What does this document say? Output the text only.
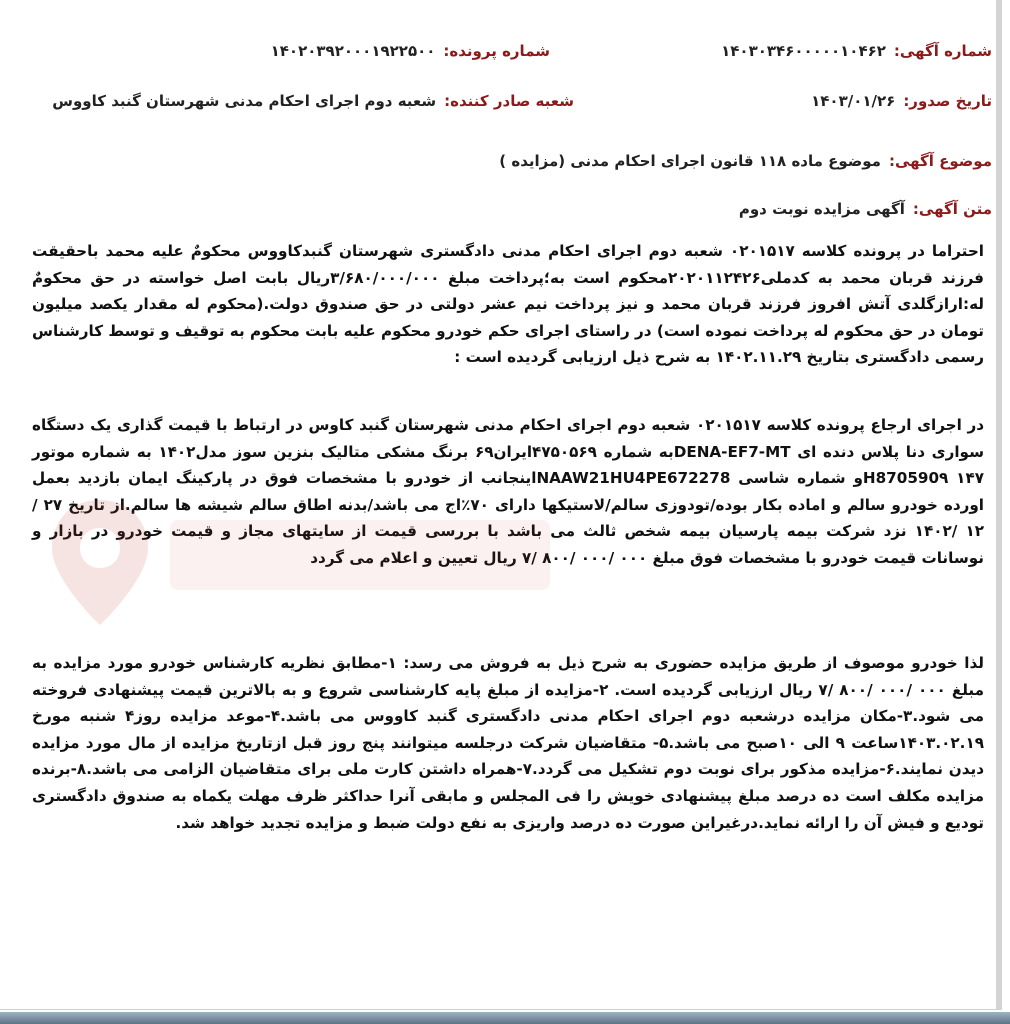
شماره آگهی:۱۴۰۳۰۳۴۶۰۰۰۰۰۱۰۴۶۲
شماره پرونده:۱۴۰۲۰۳۹۲۰۰۰۱۹۲۲۵۰۰
تاریخ صدور:۱۴۰۳/۰۱/۲۶
شعبه صادر کننده:شعبه دوم اجرای احکام مدنی شهرستان گنبد کاووس
موضوع آگهی:موضوع ماده ۱۱۸ قانون اجرای احکام مدنی (مزایده )
متن آگهی:آگهی مزایده نوبت دوم
احتراما در پرونده کلاسه ۰۲۰۱۵۱۷ شعبه دوم اجرای احکام مدنی دادگستری شهرستان گنبدکاووس محکومٌ علیه محمد باحقیقت فرزند قربان محمد به کدملی۲۰۲۰۱۱۲۴۲۶محکوم است به؛پرداخت مبلغ ۳/۶۸۰/۰۰۰/۰۰۰ریال بابت اصل خواسته در حق محکومٌ له:ارازگلدی آتش افروز فرزند قربان محمد و نیز پرداخت نیم عشر دولتی در حق صندوق دولت.(محکوم له مقدار یکصد میلیون تومان در حق محکوم له پرداخت نموده است) در راستای اجرای حکم خودرو محکوم علیه بابت محکوم به توقیف و توسط کارشناس رسمی دادگستری بتاریخ ۱۴۰۲.۱۱.۲۹ به شرح ذیل ارزیابی گردیده است :
در اجرای ارجاع پرونده کلاسه ۰۲۰۱۵۱۷ شعبه دوم اجرای احکام مدنی شهرستان گنبد کاوس در ارتباط با قیمت گذاری یک دستگاه سواری دنا پلاس دنده ای DENA-EF7-MTبه شماره ۴۷۵۰۵۶۹ایران۶۹ برنگ مشکی متالیک بنزین سوز مدل۱۴۰۲ به شماره موتور ۱۴۷ H870590۹و شماره شاسی NAAW21HU4PE672278اینجانب از خودرو با مشخصات فوق در پارکینگ ایمان بازدید بعمل اورده خودرو سالم و اماده بکار بوده/تودوزی سالم/لاستیکها دارای ۷۰٪اج می باشد/بدنه اطاق سالم شیشه ها سالم.از تاریخ ۲۷ /۱۲ /۱۴۰۲ نزد شرکت بیمه پارسیان بیمه شخص ثالث می باشد با بررسی قیمت از سایتهای مجاز و قیمت خودرو در بازار و نوسانات قیمت خودرو با مشخصات فوق مبلغ ۰۰۰ /۰۰۰ /۸۰۰ /۷ ریال تعیین و اعلام می گردد
لذا خودرو موصوف از طریق مزایده حضوری به شرح ذیل به فروش می رسد: ۱-مطابق نظریه کارشناس خودرو مورد مزایده به مبلغ ۰۰۰ /۰۰۰ /۸۰۰ /۷ ریال ارزیابی گردیده است. ۲-مزایده از مبلغ پایه کارشناسی شروع و به بالاترین قیمت پیشنهادی فروخته می شود.۳-مکان مزایده درشعبه دوم اجرای احکام مدنی دادگستری گنبد کاووس می باشد.۴-موعد مزایده روز۴ شنبه مورخ ۱۴۰۳.۰۲.۱۹ساعت ۹ الی ۱۰صبح می باشد.۵- متقاضیان شرکت درجلسه میتوانند پنج روز قبل ازتاریخ مزایده از مال مورد مزایده دیدن نمایند.۶-مزایده مذکور برای نوبت دوم تشکیل می گردد.۷-همراه داشتن کارت ملی برای متقاضیان الزامی می باشد.۸-برنده مزایده مکلف است ده درصد مبلغ پیشنهادی خویش را فی المجلس و مابقی آنرا حداکثر ظرف مهلت یکماه به صندوق دادگستری تودیع و فیش آن را ارائه نماید.درغیراین صورت ده درصد واریزی به نفع دولت ضبط و مزایده تجدید خواهد شد.
